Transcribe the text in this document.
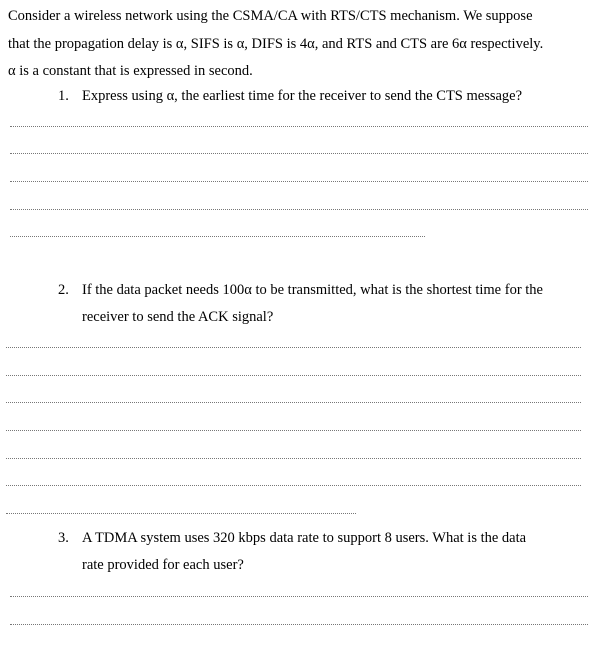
Consider a wireless network using the CSMA/CA with RTS/CTS mechanism. We suppose

that the propagation delay is α, SIFS is α, DIFS is 4α, and RTS and CTS are 6α respectively.

α is a constant that is expressed in second.

1. Express using α, the earliest time for the receiver to send the CTS message?
2. If the data packet needs 100α to be transmitted, what is the shortest time for the
receiver to send the ACK signal?
3. A TDMA system uses 320 kbps data rate to support 8 users. What is the data
rate provided for each user?
